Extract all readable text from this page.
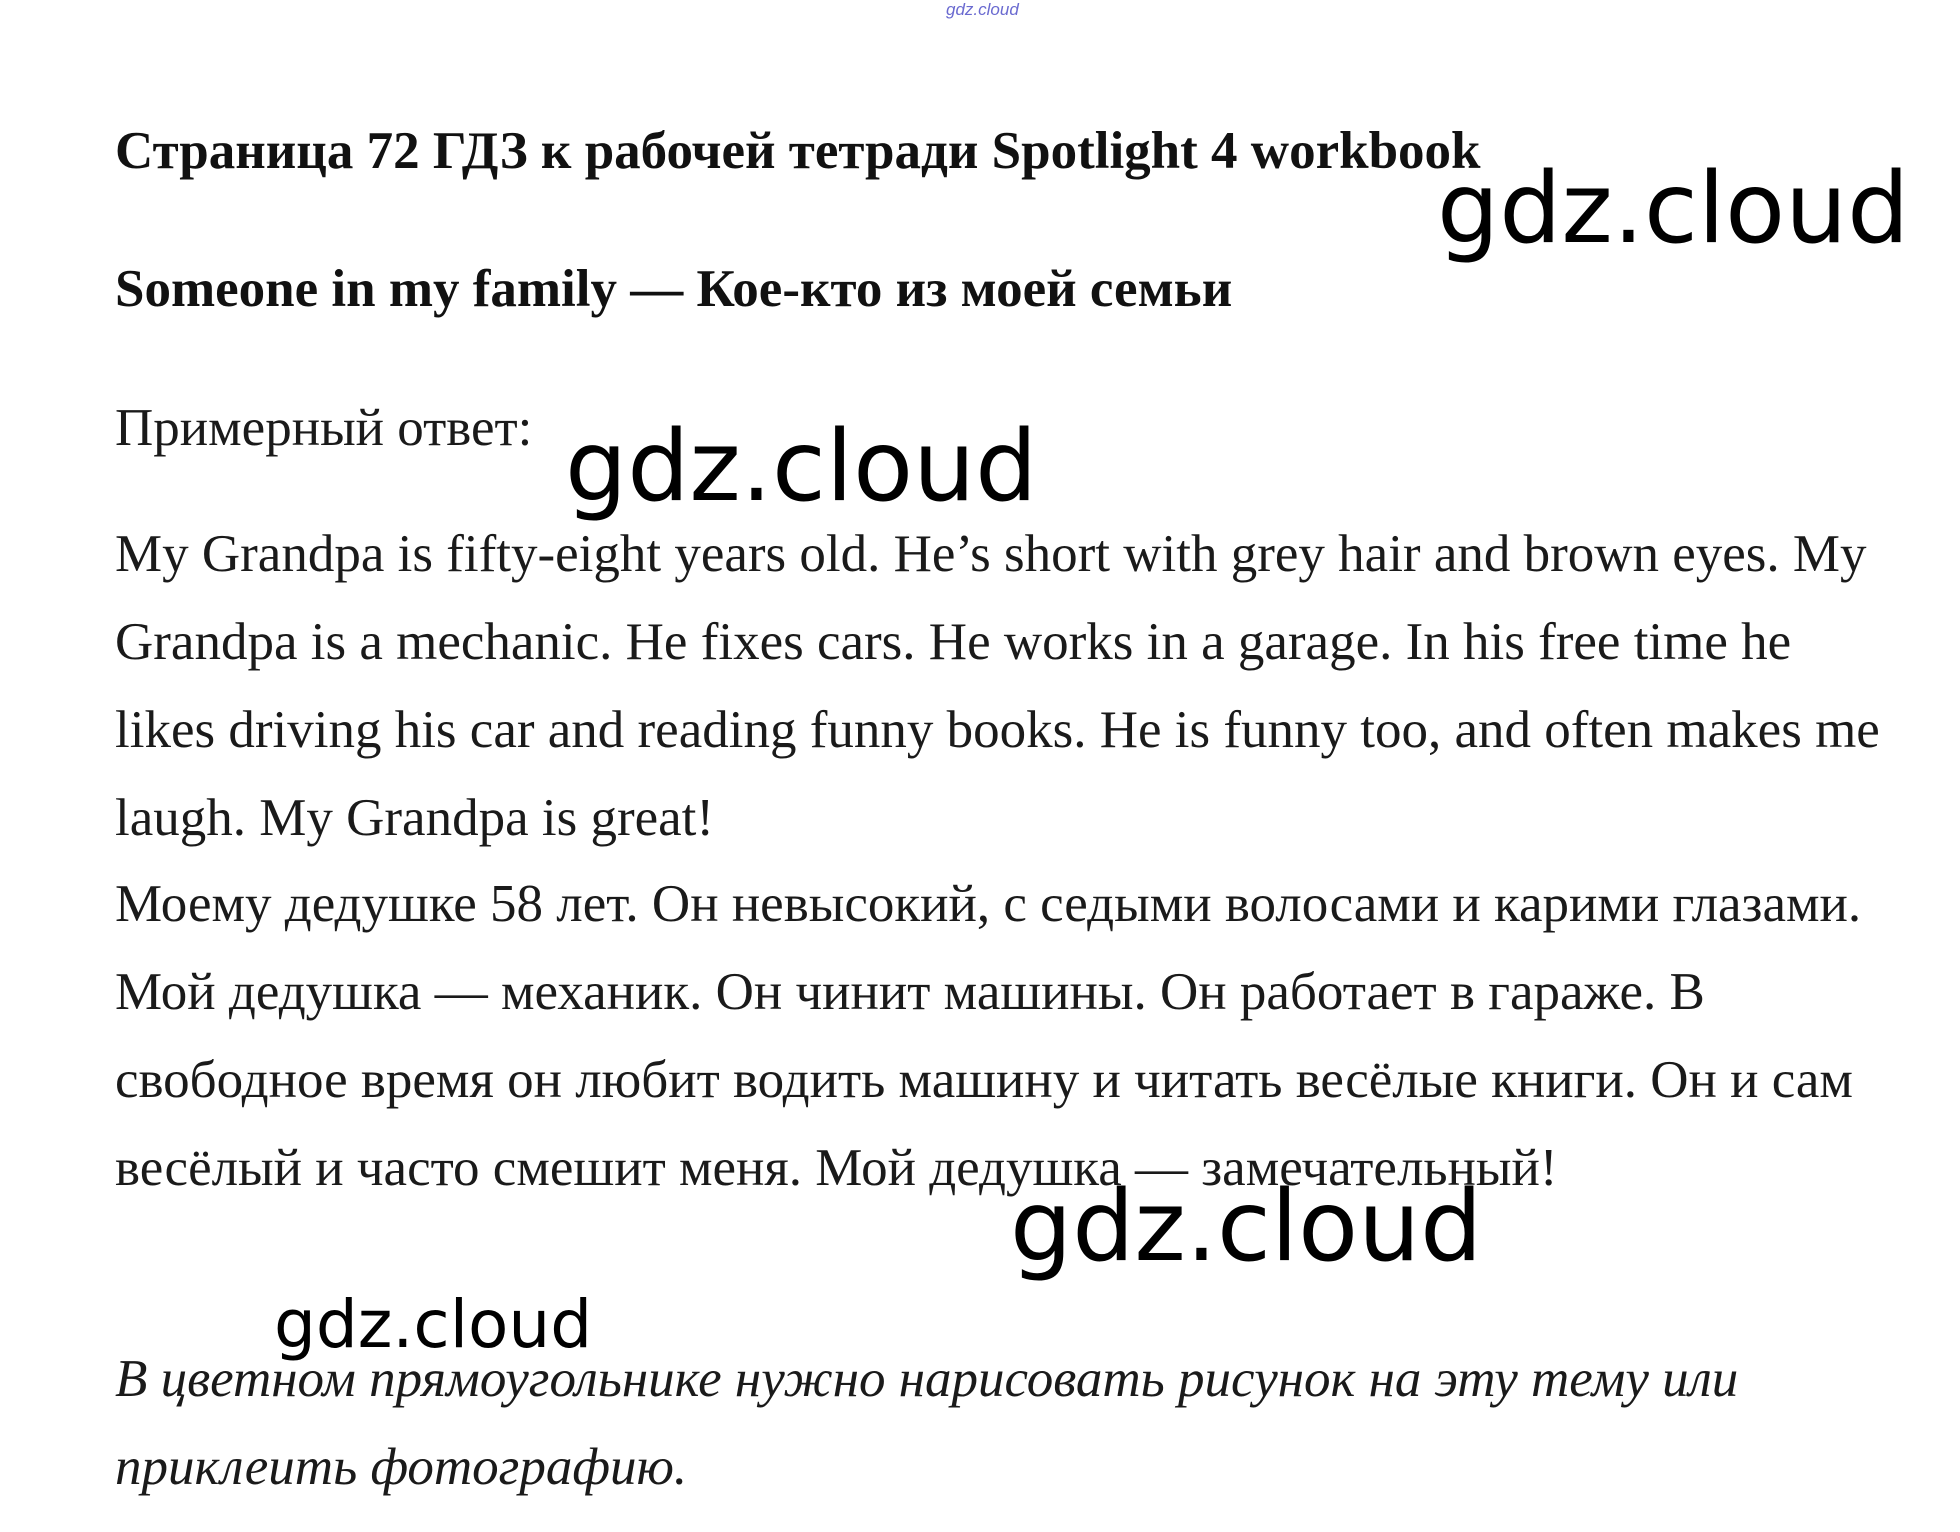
gdz.cloud
Страница 72 ГДЗ к рабочей тетради Spotlight 4 workbook
Someone in my family — Кое-кто из моей семьи
Примерный ответ:
My Grandpa is fifty-eight years old. He’s short with grey hair and brown eyes. My Grandpa is a mechanic. He fixes cars. He works in a garage. In his free time he likes driving his car and reading funny books. He is funny too, and often makes me laugh. My Grandpa is great!
Моему дедушке 58 лет. Он невысокий, с седыми волосами и карими глазами. Мой дедушка — механик. Он чинит машины. Он работает в гараже. В свободное время он любит водить машину и читать весёлые книги. Он и сам весёлый и часто смешит меня. Мой дедушка — замечательный!
В цветном прямоугольнике нужно нарисовать рисунок на эту тему или приклеить фотографию.
gdz.cloud
gdz.cloud
gdz.cloud
gdz.cloud
